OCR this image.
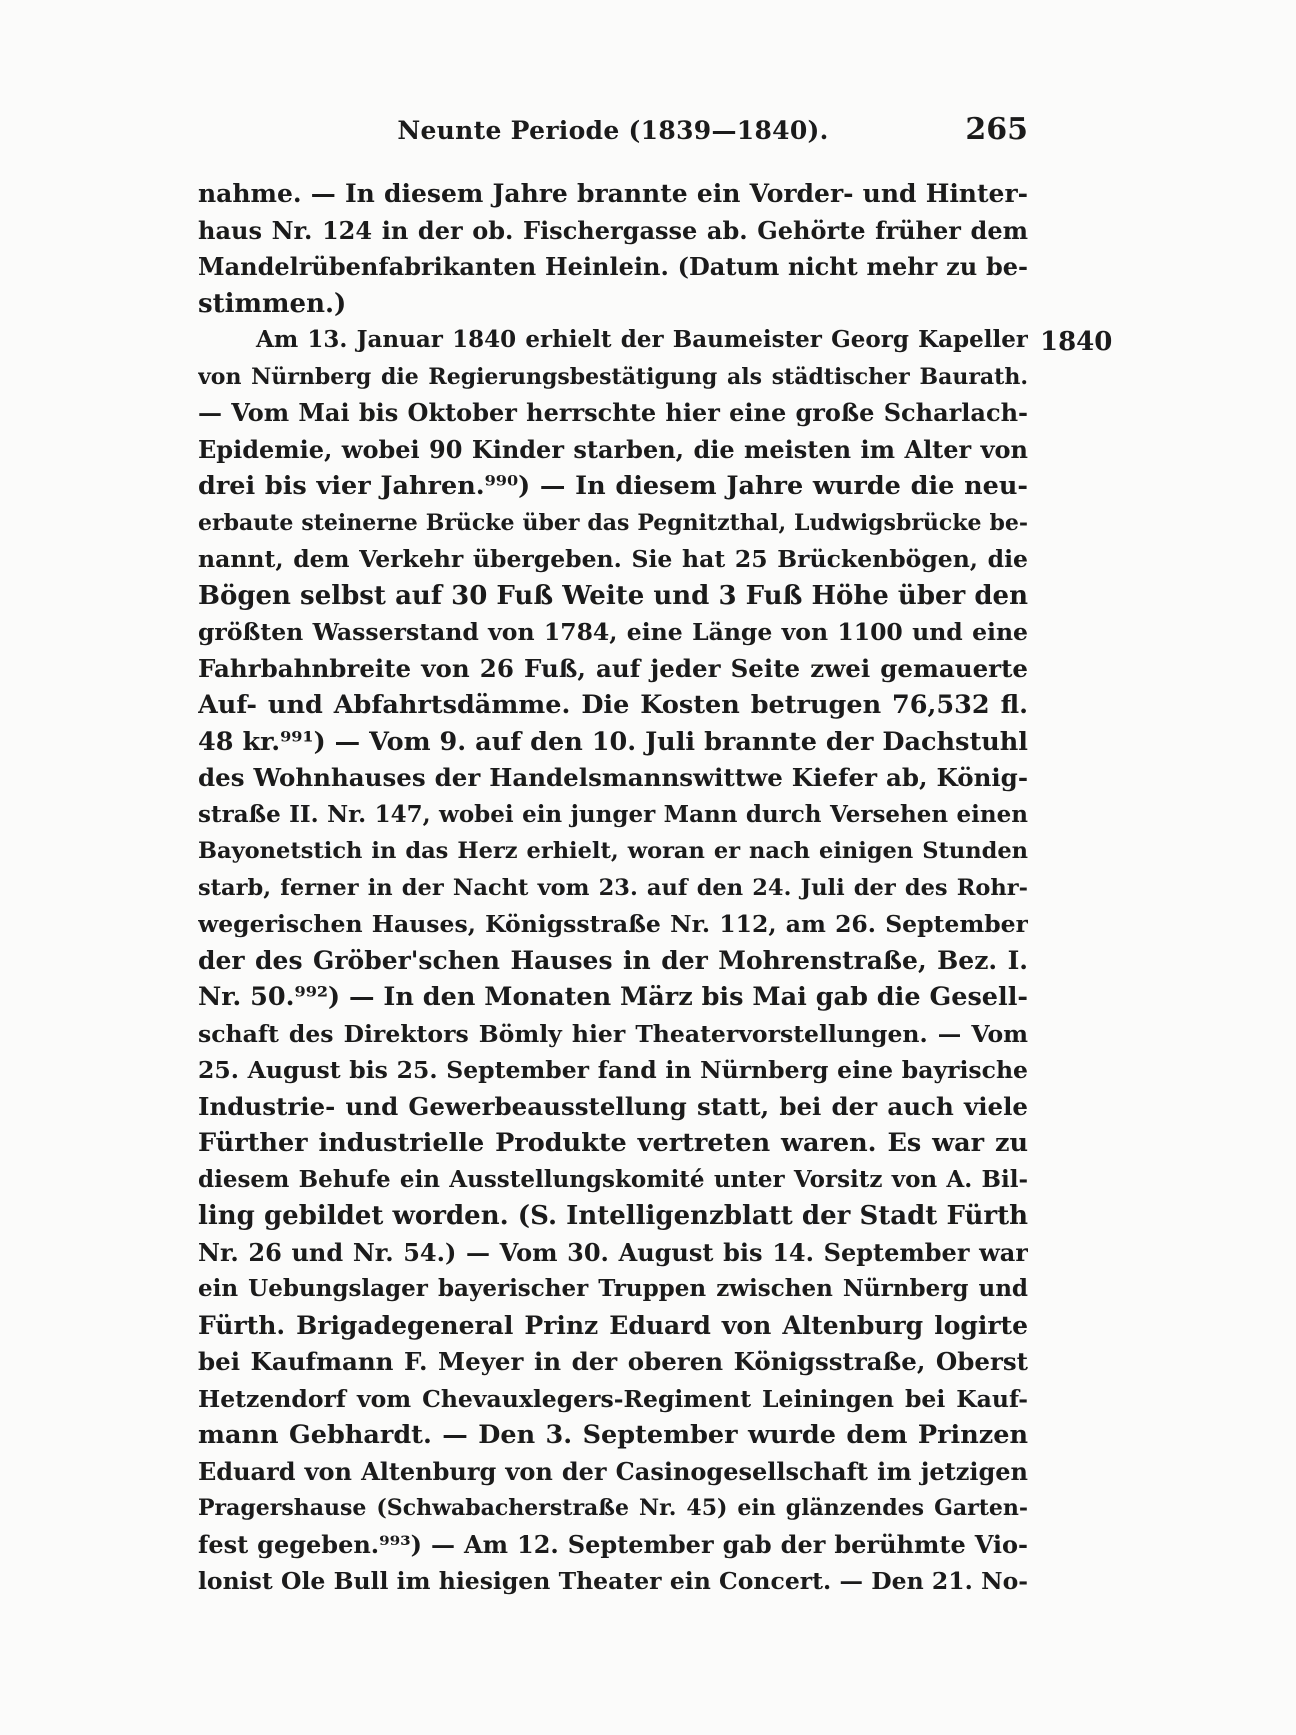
Neunte Periode (1839—1840).	265
1840
nahme. — In diesem Jahre brannte ein Vorder- und Hinter-
haus Nr. 124 in der ob. Fischergasse ab. Gehörte früher dem
Mandelrübenfabrikanten Heinlein. (Datum nicht mehr zu be-
stimmen.)
Am 13. Januar 1840 erhielt der Baumeister Georg Kapeller
von Nürnberg die Regierungsbestätigung als städtischer Baurath.
— Vom Mai bis Oktober herrschte hier eine große Scharlach-
Epidemie, wobei 90 Kinder starben, die meisten im Alter von
drei bis vier Jahren.⁹⁹⁰) — In diesem Jahre wurde die neu-
erbaute steinerne Brücke über das Pegnitzthal, Ludwigsbrücke be-
nannt, dem Verkehr übergeben. Sie hat 25 Brückenbögen, die
Bögen selbst auf 30 Fuß Weite und 3 Fuß Höhe über den
größten Wasserstand von 1784, eine Länge von 1100 und eine
Fahrbahnbreite von 26 Fuß, auf jeder Seite zwei gemauerte
Auf- und Abfahrtsdämme. Die Kosten betrugen 76,532 fl.
48 kr.⁹⁹¹) — Vom 9. auf den 10. Juli brannte der Dachstuhl
des Wohnhauses der Handelsmannswittwe Kiefer ab, König-
straße II. Nr. 147, wobei ein junger Mann durch Versehen einen
Bayonetstich in das Herz erhielt, woran er nach einigen Stunden
starb, ferner in der Nacht vom 23. auf den 24. Juli der des Rohr-
wegerischen Hauses, Königsstraße Nr. 112, am 26. September
der des Gröber'schen Hauses in der Mohrenstraße, Bez. I.
Nr. 50.⁹⁹²) — In den Monaten März bis Mai gab die Gesell-
schaft des Direktors Bömly hier Theatervorstellungen. — Vom
25. August bis 25. September fand in Nürnberg eine bayrische
Industrie- und Gewerbeausstellung statt, bei der auch viele
Fürther industrielle Produkte vertreten waren. Es war zu
diesem Behufe ein Ausstellungskomité unter Vorsitz von A. Bil-
ling gebildet worden. (S. Intelligenzblatt der Stadt Fürth
Nr. 26 und Nr. 54.) — Vom 30. August bis 14. September war
ein Uebungslager bayerischer Truppen zwischen Nürnberg und
Fürth. Brigadegeneral Prinz Eduard von Altenburg logirte
bei Kaufmann F. Meyer in der oberen Königsstraße, Oberst
Hetzendorf vom Chevauxlegers-Regiment Leiningen bei Kauf-
mann Gebhardt. — Den 3. September wurde dem Prinzen
Eduard von Altenburg von der Casinogesellschaft im jetzigen
Pragershause (Schwabacherstraße Nr. 45) ein glänzendes Garten-
fest gegeben.⁹⁹³) — Am 12. September gab der berühmte Vio-
lonist Ole Bull im hiesigen Theater ein Concert. — Den 21. No-
